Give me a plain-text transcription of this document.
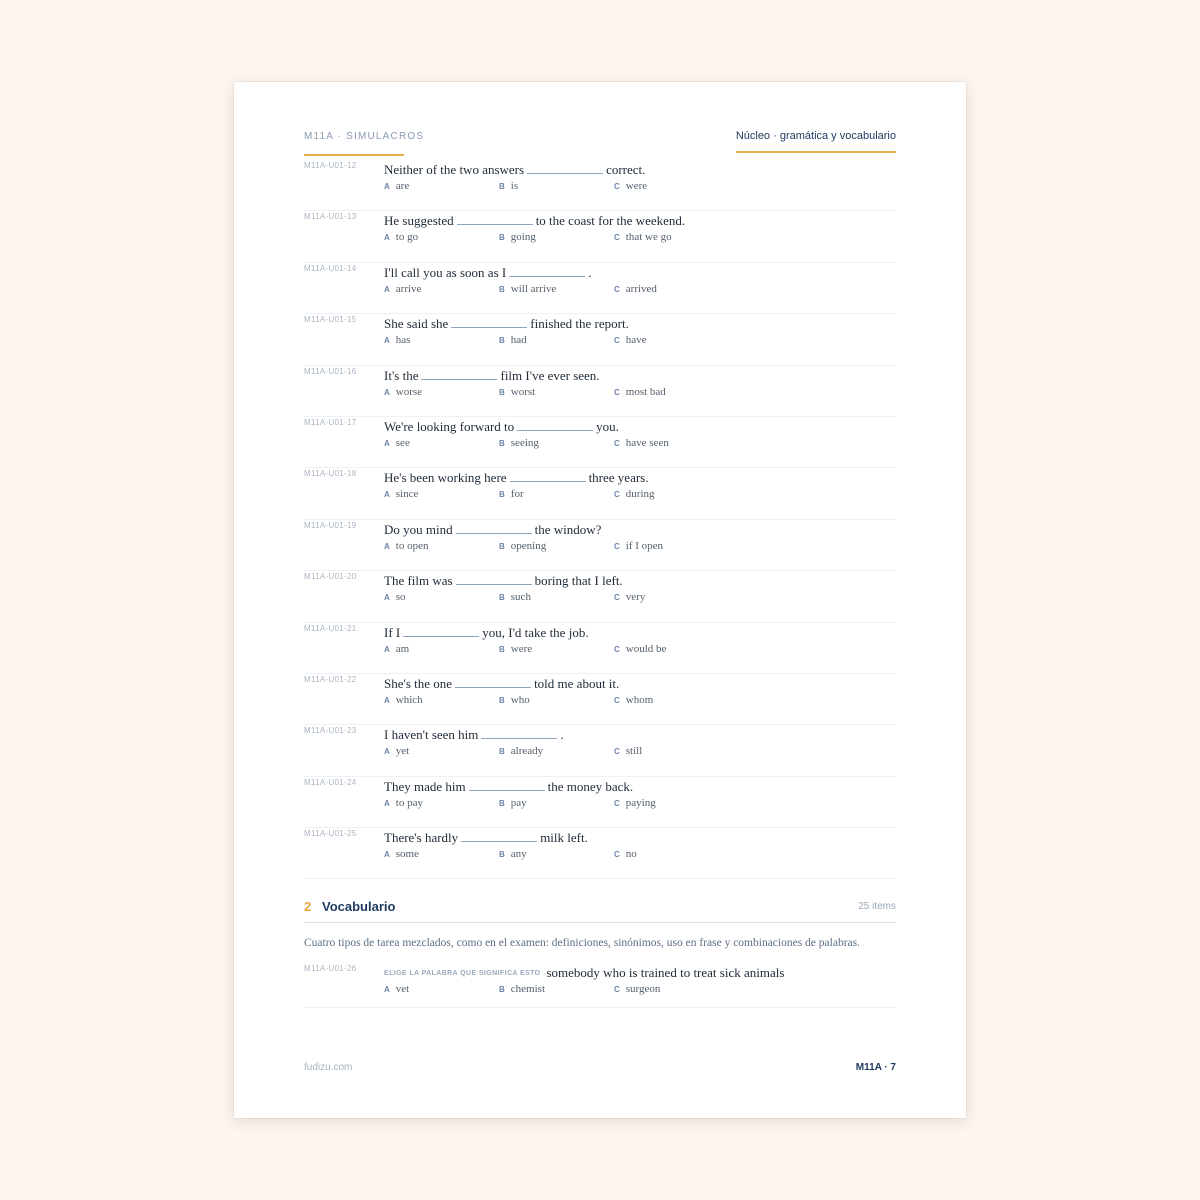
M11A · SIMULACROS	Núcleo · gramática y vocabulario
M11A-U01-12 Neither of the two answers	correct.
A are	B is	C were
M11A-U01-13 He suggested	to the coast for the weekend.
A to go	B going	C that we go
M11A-U01-14 I'll call you as soon as I	.
A arrive	B will arrive	C arrived
M11A-U01-15 She said she	finished the report.
A has	B had	C have
M11A-U01-16 It's the	film I've ever seen.
A worse	B worst	C most bad
M11A-U01-17 We're looking forward to	you.
A see	B seeing	C have seen
M11A-U01-18 He's been working here	three years.
A since	B for	C during
M11A-U01-19 Do you mind	the window?
A to open	B opening	C if I open
M11A-U01-20 The film was	boring that I left.
A so	B such	C very
M11A-U01-21 If I	you, I'd take the job.
A am	B were	C would be
M11A-U01-22 She's the one	told me about it.
A which	B who	C whom
M11A-U01-23 I haven't seen him	.
A yet	B already	C still
M11A-U01-24 They made him	the money back.
A to pay	B pay	C paying
M11A-U01-25 There's hardly	milk left.
A some	B any	C no
2 Vocabulario	25 items

Cuatro tipos de tarea mezclados, como en el examen: definiciones, sinónimos, uso en frase y combinaciones de palabras.

M11A-U01-26
ELIGE LA PALABRA QUE SIGNIFICA ESTO somebody who is trained to treat sick animals
A vet	B chemist	C surgeon
fudizu.com	M11A · 7
